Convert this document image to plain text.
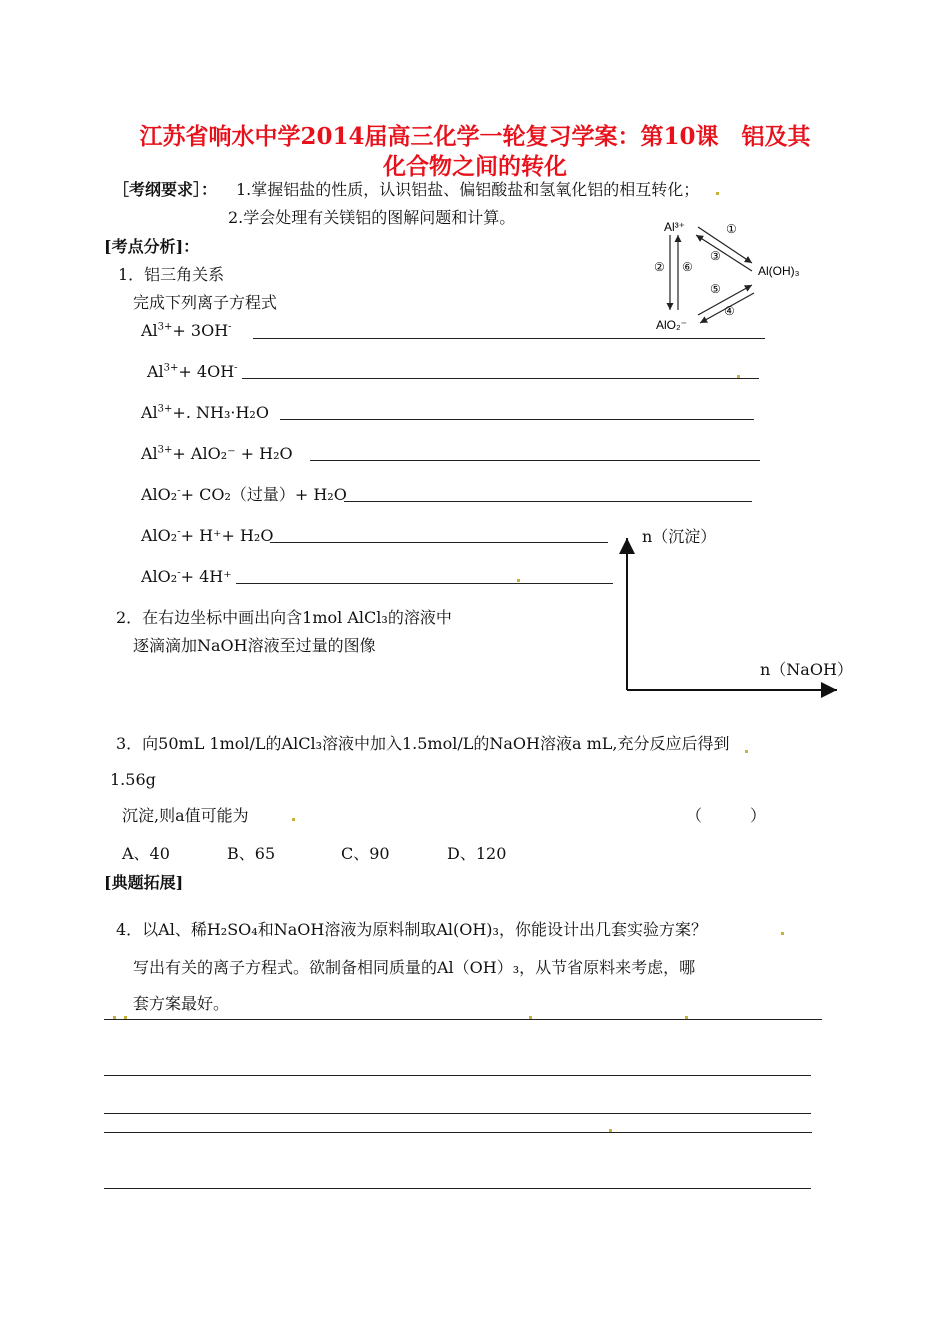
江苏省响水中学2014届高三化学一轮复习学案：第10课　铝及其
化合物之间的转化
［考纲要求］： 1.掌握铝盐的性质，认识铝盐、偏铝酸盐和氢氧化铝的相互转化；
2.学会处理有关镁铝的图解问题和计算。
[考点分析]：
1．铝三角关系
完成下列离子方程式
Al³⁺
Al(OH)₃
AlO₂⁻
①
②
③
④
⑤
⑥
$Al^{3+}+ 3OH^-$
$Al^{3+}+ 4OH^-$
$Al^{3+}+$. NH₃·H₂O
$Al^{3+}+ AlO_2^- + H_2O$
AlO₂-+ CO₂（过量）+ H₂O
AlO₂-+ H⁺+ H₂O
AlO₂-+ 4H⁺
n（沉淀）
n（NaOH）
2．在右边坐标中画出向含1mol AlCl₃的溶液中
逐滴滴加NaOH溶液至过量的图像
3．向50mL 1mol/L的AlCl₃溶液中加入1.5mol/L的NaOH溶液a mL,充分反应后得到
1.56g
沉淀,则a值可能为	（　　　）
A、40	B、65	C、90	D、120
[典题拓展]
4．以Al、稀H₂SO₄和NaOH溶液为原料制取Al(OH)₃，你能设计出几套实验方案？
写出有关的离子方程式。欲制备相同质量的Al（OH）₃，从节省原料来考虑，哪
套方案最好。
